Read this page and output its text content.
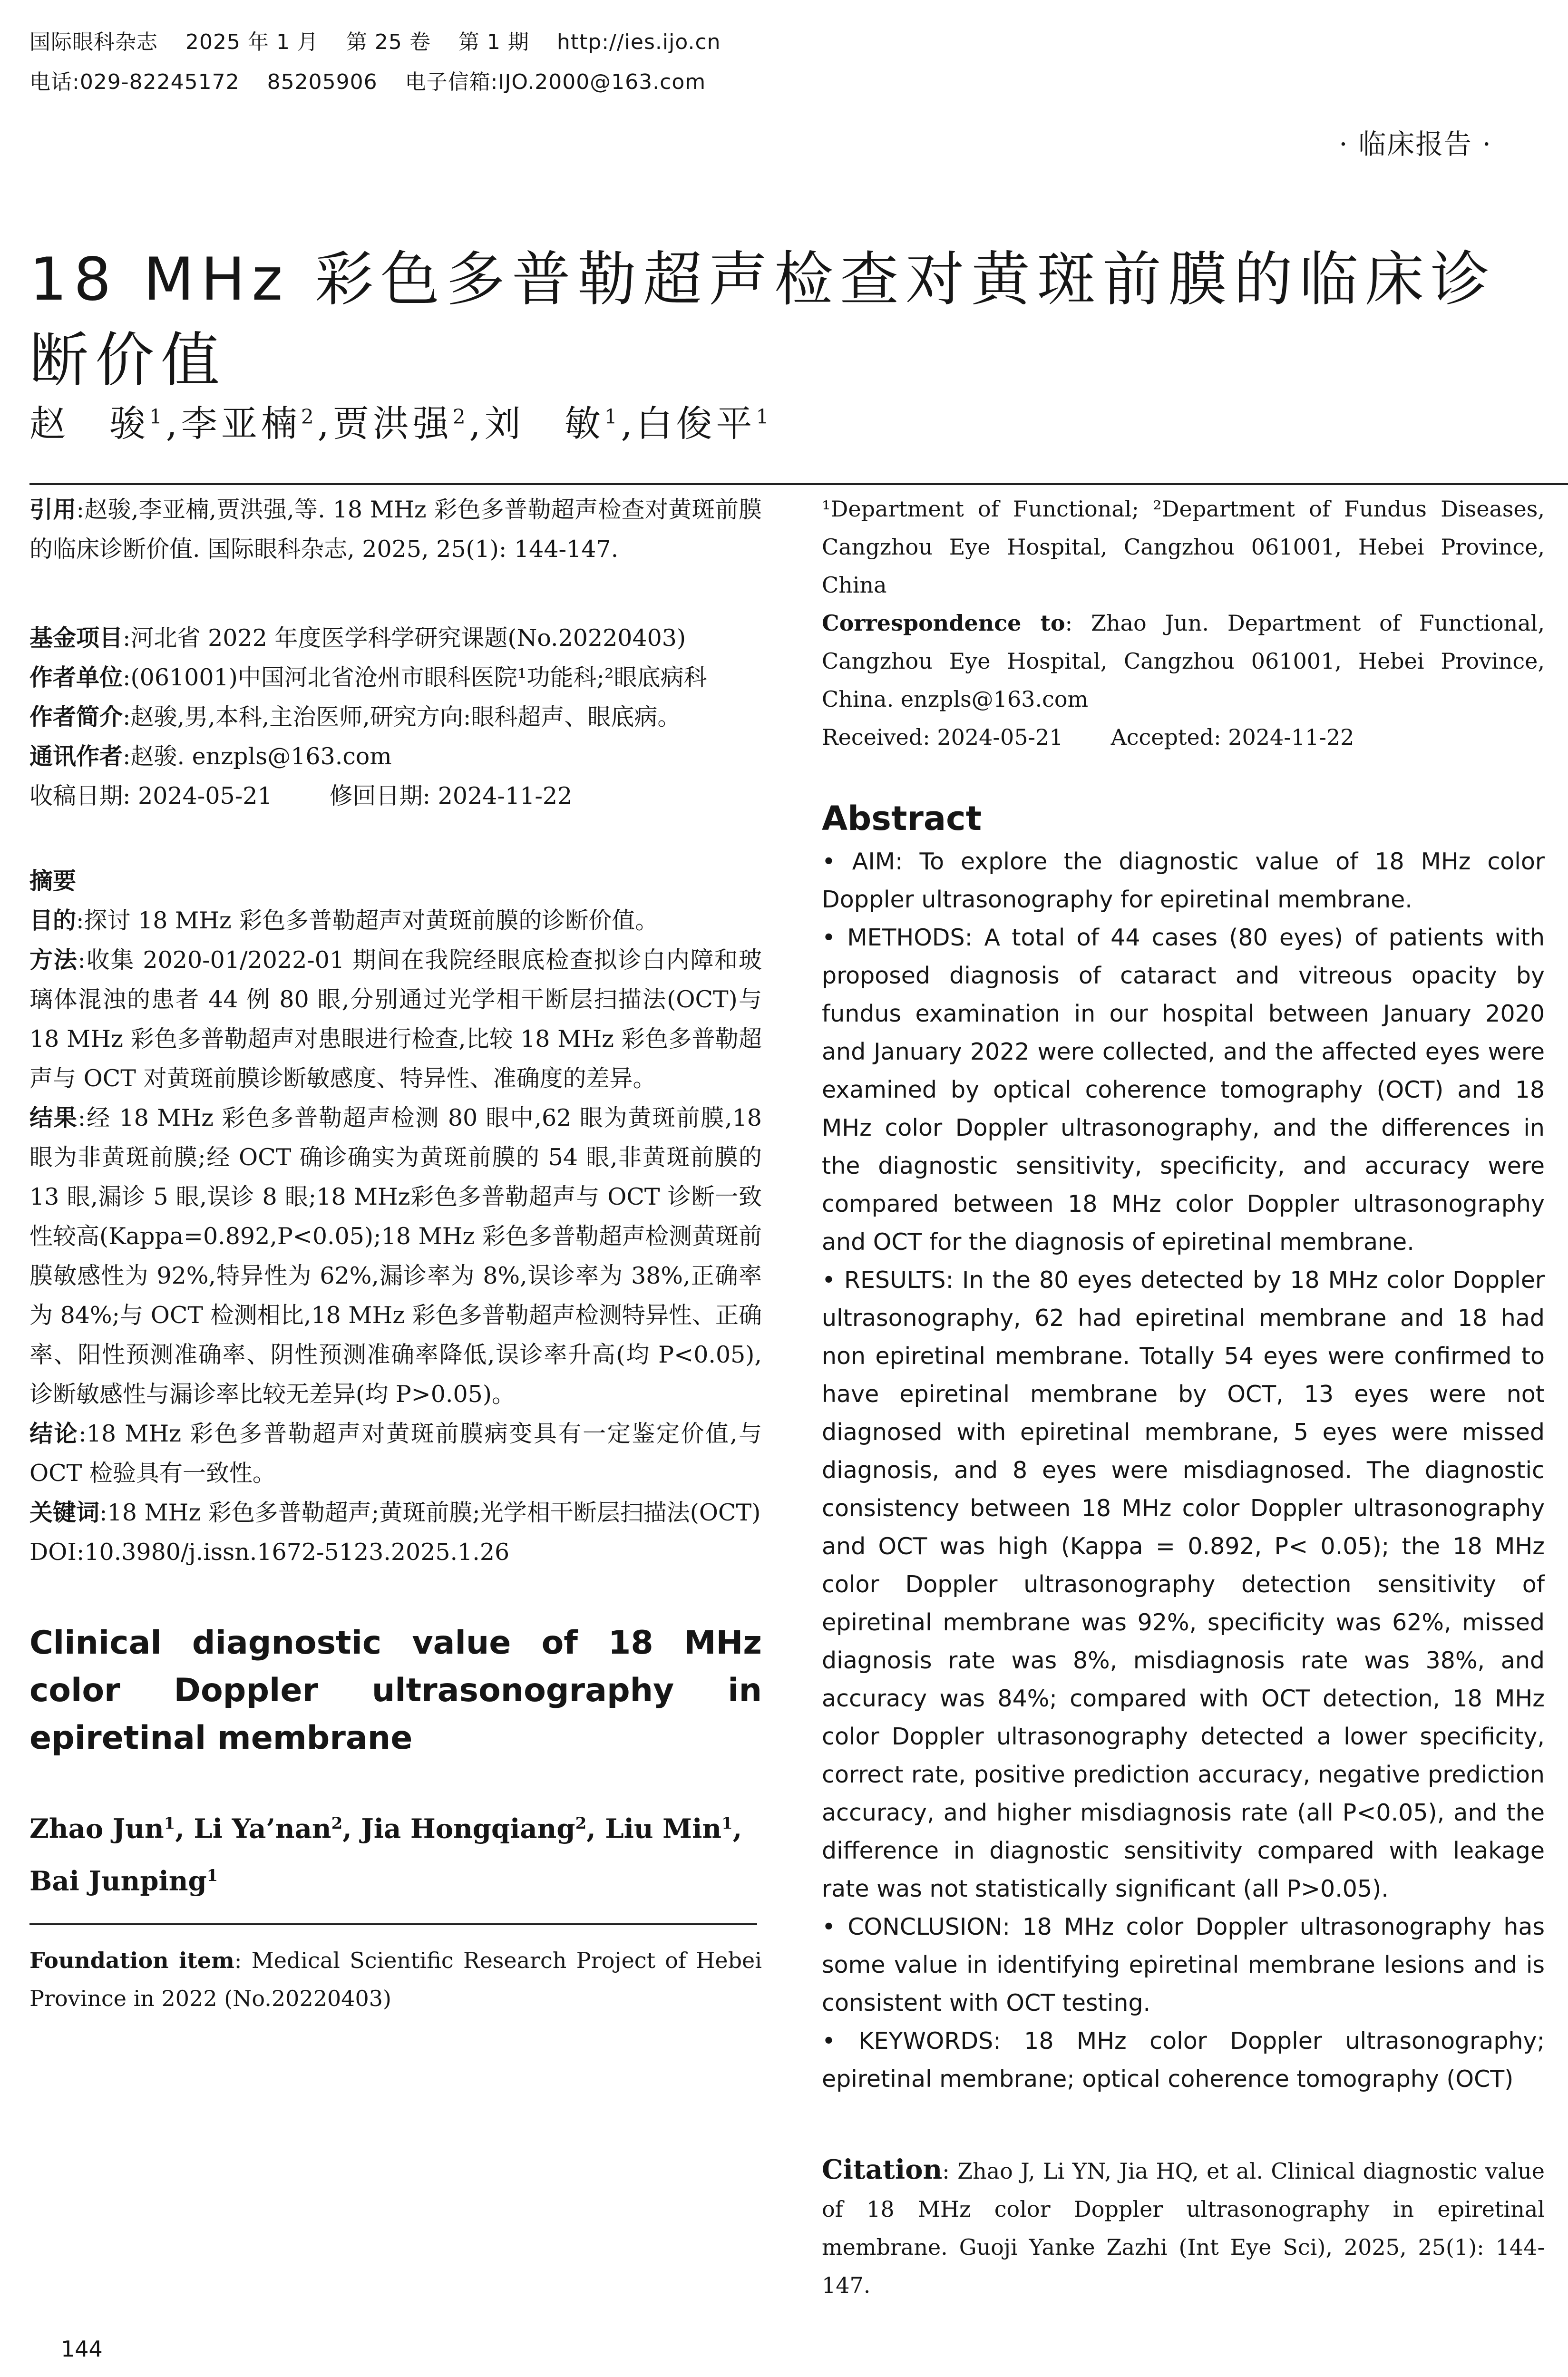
国际眼科杂志 2025 年 1 月 第 25 卷 第 1 期 http://ies.ijo.cn
电话:029-82245172 85205906 电子信箱:IJO.2000@163.com
· 临床报告 ·
18 MHz 彩色多普勒超声检查对黄斑前膜的临床诊断价值
赵　骏$^1$,李亚楠$^2$,贾洪强$^2$,刘　敏$^1$,白俊平$^1$

引用:赵骏,李亚楠,贾洪强,等. 18 MHz 彩色多普勒超声检查对黄斑前膜的临床诊断价值. 国际眼科杂志, 2025, 25(1): 144-147.

基金项目:河北省 2022 年度医学科学研究课题(No.20220403)

作者单位:(061001)中国河北省沧州市眼科医院¹功能科;²眼底病科

作者简介:赵骏,男,本科,主治医师,研究方向:眼科超声、眼底病。

通讯作者:赵骏. enzpls@163.com

收稿日期: 2024-05-21 修回日期: 2024-11-22

摘要

目的:探讨 18 MHz 彩色多普勒超声对黄斑前膜的诊断价值。

方法:收集 2020-01/2022-01 期间在我院经眼底检查拟诊白内障和玻璃体混浊的患者 44 例 80 眼,分别通过光学相干断层扫描法(OCT)与 18 MHz 彩色多普勒超声对患眼进行检查,比较 18 MHz 彩色多普勒超声与 OCT 对黄斑前膜诊断敏感度、特异性、准确度的差异。

结果:经 18 MHz 彩色多普勒超声检测 80 眼中,62 眼为黄斑前膜,18 眼为非黄斑前膜;经 OCT 确诊确实为黄斑前膜的 54 眼,非黄斑前膜的 13 眼,漏诊 5 眼,误诊 8 眼;18 MHz彩色多普勒超声与 OCT 诊断一致性较高(Kappa=0.892,P<0.05);18 MHz 彩色多普勒超声检测黄斑前膜敏感性为 92%,特异性为 62%,漏诊率为 8%,误诊率为 38%,正确率为 84%;与 OCT 检测相比,18 MHz 彩色多普勒超声检测特异性、正确率、阳性预测准确率、阴性预测准确率降低,误诊率升高(均 P<0.05),诊断敏感性与漏诊率比较无差异(均 P>0.05)。

结论:18 MHz 彩色多普勒超声对黄斑前膜病变具有一定鉴定价值,与 OCT 检验具有一致性。

关键词:18 MHz 彩色多普勒超声;黄斑前膜;光学相干断层扫描法(OCT)

DOI:10.3980/j.issn.1672-5123.2025.1.26

Clinical diagnostic value of 18 MHz color Doppler ultrasonography in epiretinal membrane

Zhao Jun$^1$, Li Ya’nan$^2$, Jia Hongqiang$^2$, Liu Min$^1$, Bai Junping$^1$

Foundation item: Medical Scientific Research Project of Hebei Province in 2022 (No.20220403)

144

¹Department of Functional; ²Department of Fundus Diseases, Cangzhou Eye Hospital, Cangzhou 061001, Hebei Province, China

Correspondence to: Zhao Jun. Department of Functional, Cangzhou Eye Hospital, Cangzhou 061001, Hebei Province, China. enzpls@163.com

Received: 2024-05-21 Accepted: 2024-11-22

Abstract

• AIM: To explore the diagnostic value of 18 MHz color Doppler ultrasonography for epiretinal membrane.

• METHODS: A total of 44 cases (80 eyes) of patients with proposed diagnosis of cataract and vitreous opacity by fundus examination in our hospital between January 2020 and January 2022 were collected, and the affected eyes were examined by optical coherence tomography (OCT) and 18 MHz color Doppler ultrasonography, and the differences in the diagnostic sensitivity, specificity, and accuracy were compared between 18 MHz color Doppler ultrasonography and OCT for the diagnosis of epiretinal membrane.

• RESULTS: In the 80 eyes detected by 18 MHz color Doppler ultrasonography, 62 had epiretinal membrane and 18 had non epiretinal membrane. Totally 54 eyes were confirmed to have epiretinal membrane by OCT, 13 eyes were not diagnosed with epiretinal membrane, 5 eyes were missed diagnosis, and 8 eyes were misdiagnosed. The diagnostic consistency between 18 MHz color Doppler ultrasonography and OCT was high (Kappa = 0.892, P< 0.05); the 18 MHz color Doppler ultrasonography detection sensitivity of epiretinal membrane was 92%, specificity was 62%, missed diagnosis rate was 8%, misdiagnosis rate was 38%, and accuracy was 84%; compared with OCT detection, 18 MHz color Doppler ultrasonography detected a lower specificity, correct rate, positive prediction accuracy, negative prediction accuracy, and higher misdiagnosis rate (all P<0.05), and the difference in diagnostic sensitivity compared with leakage rate was not statistically significant (all P>0.05).

• CONCLUSION: 18 MHz color Doppler ultrasonography has some value in identifying epiretinal membrane lesions and is consistent with OCT testing.

• KEYWORDS: 18 MHz color Doppler ultrasonography; epiretinal membrane; optical coherence tomography (OCT)

Citation: Zhao J, Li YN, Jia HQ, et al. Clinical diagnostic value of 18 MHz color Doppler ultrasonography in epiretinal membrane. Guoji Yanke Zazhi (Int Eye Sci), 2025, 25(1): 144-147.
